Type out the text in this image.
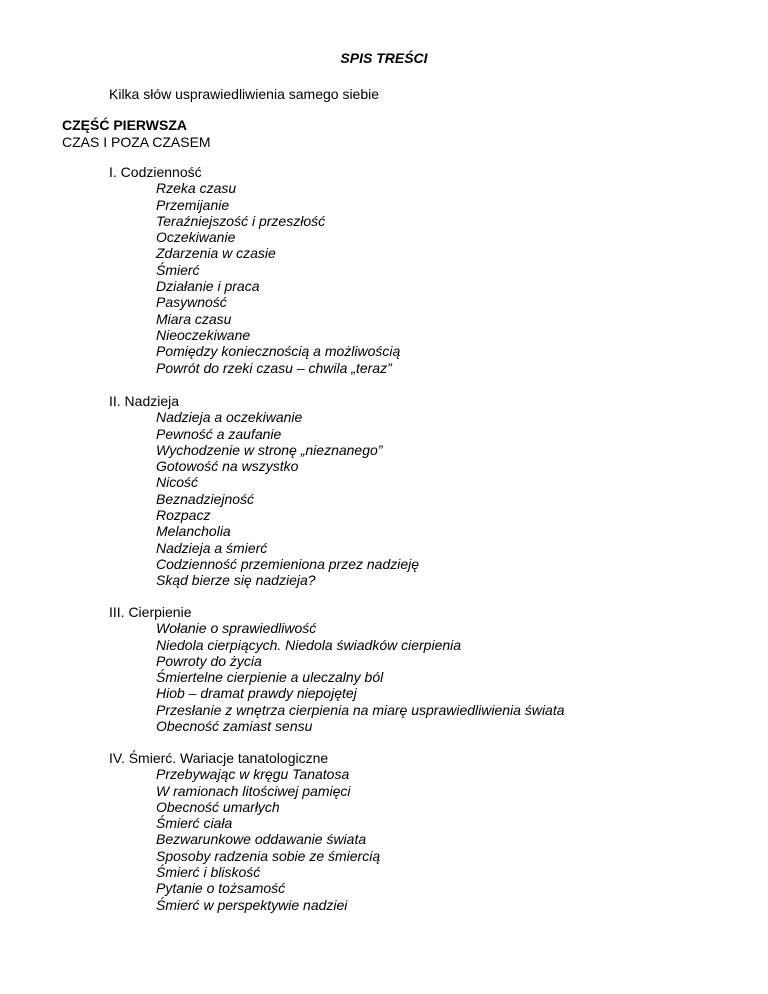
SPIS TREŚCI
Kilka słów usprawiedliwienia samego siebie
CZĘŚĆ PIERWSZA
CZAS I POZA CZASEM
I. Codzienność
Rzeka czasu
Przemijanie
Teraźniejszość i przeszłość
Oczekiwanie
Zdarzenia w czasie
Śmierć
Działanie i praca
Pasywność
Miara czasu
Nieoczekiwane
Pomiędzy koniecznością a możliwością
Powrót do rzeki czasu – chwila „teraz”
II. Nadzieja
Nadzieja a oczekiwanie
Pewność a zaufanie
Wychodzenie w stronę „nieznanego”
Gotowość na wszystko
Nicość
Beznadziejność
Rozpacz
Melancholia
Nadzieja a śmierć
Codzienność przemieniona przez nadzieję
Skąd bierze się nadzieja?
III. Cierpienie
Wołanie o sprawiedliwość
Niedola cierpiących. Niedola świadków cierpienia
Powroty do życia
Śmiertelne cierpienie a uleczalny ból
Hiob – dramat prawdy niepojętej
Przesłanie z wnętrza cierpienia na miarę usprawiedliwienia świata
Obecność zamiast sensu
IV. Śmierć. Wariacje tanatologiczne
Przebywając w kręgu Tanatosa
W ramionach litościwej pamięci
Obecność umarłych
Śmierć ciała
Bezwarunkowe oddawanie świata
Sposoby radzenia sobie ze śmiercią
Śmierć i bliskość
Pytanie o tożsamość
Śmierć w perspektywie nadziei
